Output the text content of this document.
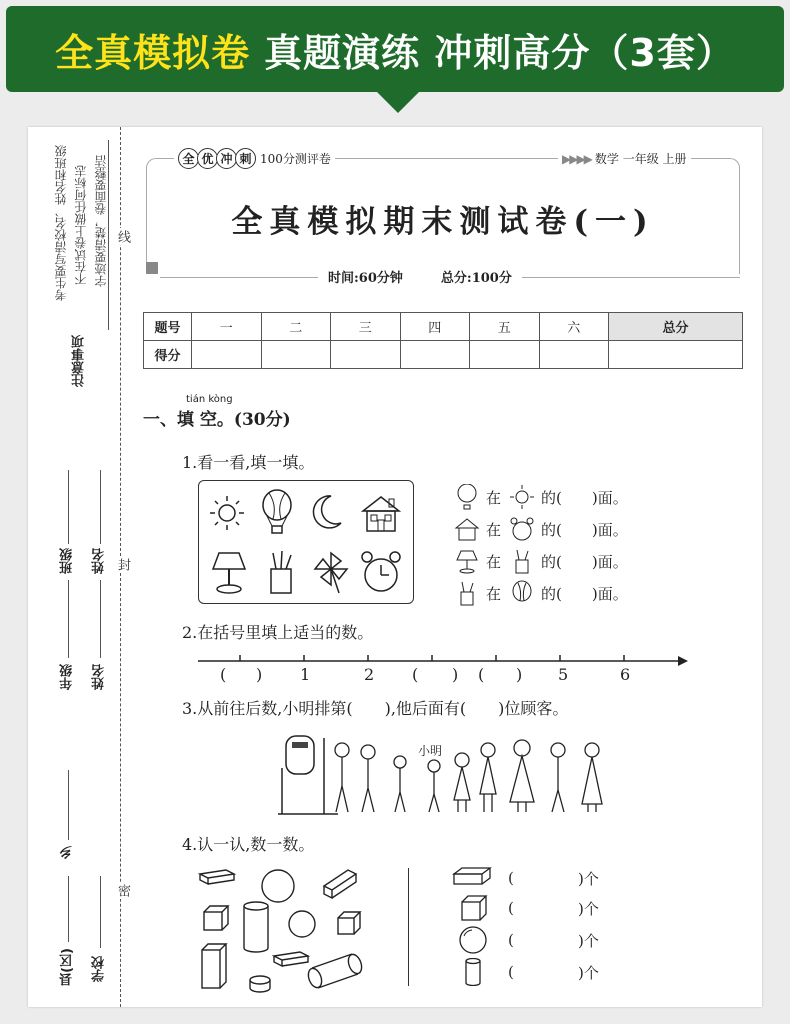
全真模拟卷 真题演练 冲刺高分（3套）
考生要写清校名、姓名和班级 不在试卷上做任何标志 字迹要清楚，卷面要整洁
注意事项
线
封
密
班级 姓名
年级 姓名
乡
县(区) 学校
全 优 冲 刺 100分测评卷	▶▶▶▶ 数学 一年级 上册
全真模拟期末测试卷(一)
时间:60分钟	总分:100分
题号	一	二	三	四	五	六	总分
得分							
tián kòng
一、填 空。(30分)
1.看一看,填一填。
在	的( )面。
在	的( )面。
在	的( )面。
在	的( )面。
2.在括号里填上适当的数。
( ) 1	2 ( ) ( ) 5	6
3.从前往后数,小明排第(　　),他后面有(　　)位顾客。
小明
4.认一认,数一数。
(	)个
(	)个
(	)个
(	)个
